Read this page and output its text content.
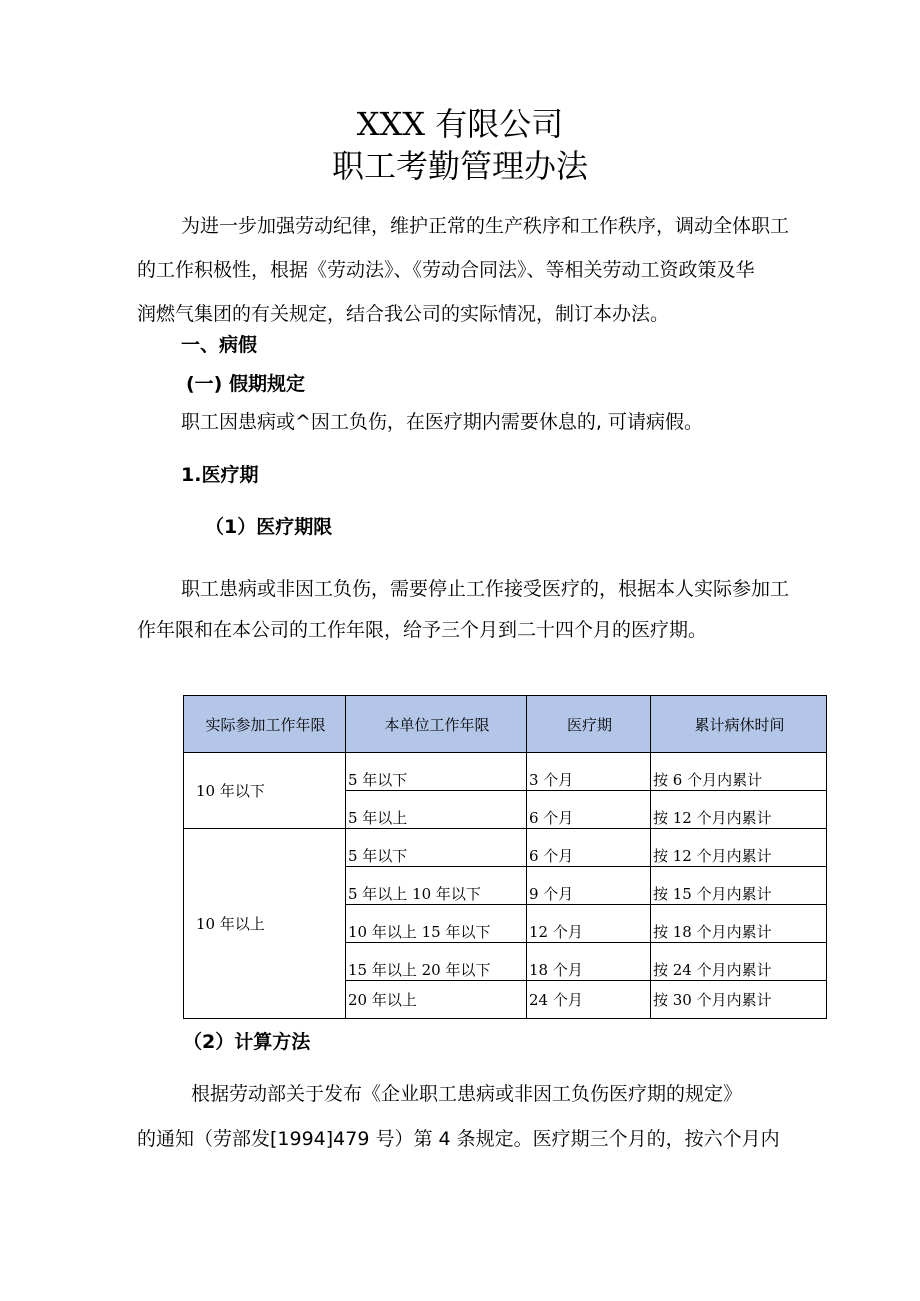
XXX 有限公司
职工考勤管理办法
为进一步加强劳动纪律，维护正常的生产秩序和工作秩序，调动全体职工
的工作积极性，根据《劳动法》、《劳动合同法》、等相关劳动工资政策及华
润燃气集团的有关规定，结合我公司的实际情况，制订本办法。
一、病假
(一) 假期规定
职工因患病或^因工负伤，在医疗期内需要休息的, 可请病假。
1.医疗期
（1）医疗期限
职工患病或非因工负伤，需要停止工作接受医疗的，根据本人实际参加工
作年限和在本公司的工作年限，给予三个月到二十四个月的医疗期。
实际参加工作年限	本单位工作年限	医疗期	累计病休时间
10 年以下	5 年以下	3 个月	按 6 个月内累计
	5 年以上	6 个月	按 12 个月内累计
10 年以上	5 年以下	6 个月	按 12 个月内累计
	5 年以上 10 年以下	9 个月	按 15 个月内累计
	10 年以上 15 年以下	12 个月	按 18 个月内累计
	15 年以上 20 年以下	18 个月	按 24 个月内累计
	20 年以上	24 个月	按 30 个月内累计
（2）计算方法
根据劳动部关于发布《企业职工患病或非因工负伤医疗期的规定》
的通知（劳部发[1994]479 号）第 4 条规定。医疗期三个月的，按六个月内
